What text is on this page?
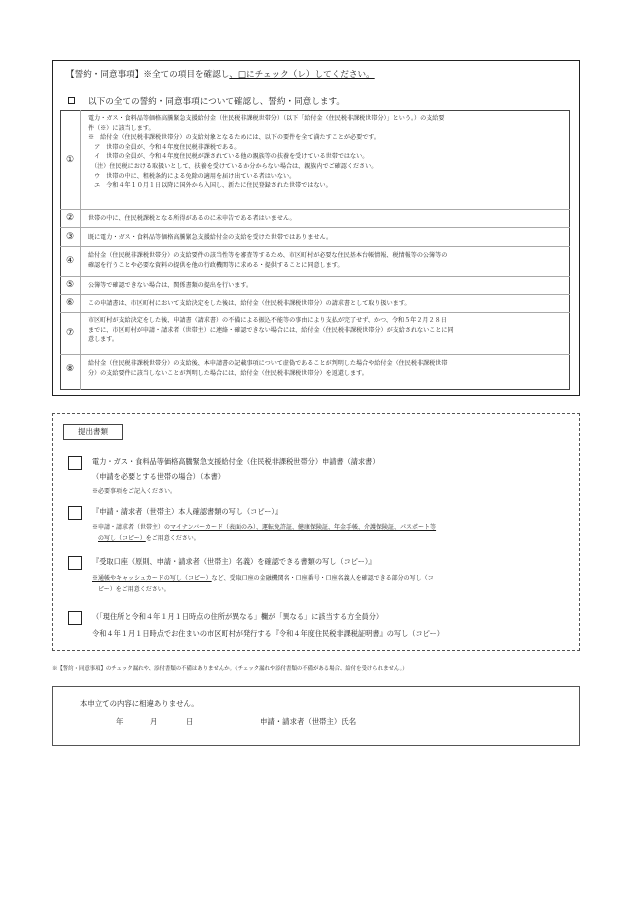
【誓約・同意事項】※全ての項目を確認し、□にチェック（レ）してください。
以下の全ての誓約・同意事項について確認し、誓約・同意します。
①
電力・ガス・食料品等価格高騰緊急支援給付金（住民税非課税世帯分）（以下「給付金（住民税非課税世帯分）」という。）の支給要
件（※）に該当します。
※　給付金（住民税非課税世帯分）の支給対象となるためには、以下の要件を全て満たすことが必要です。
　ア　世帯の全員が、令和４年度住民税非課税である。
　イ　世帯の全員が、令和４年度住民税が課されている他の親族等の扶養を受けている世帯ではない。
　（注）住民税における取扱いとして、扶養を受けているか分からない場合は、親族内でご確認ください。
　ウ　世帯の中に、租税条約による免除の適用を届け出ている者はいない。
　エ　令和４年１０月１日以降に国外から入国し、新たに住民登録された世帯ではない。
②	世帯の中に、住民税課税となる所得があるのに未申告である者はいません。
③	既に電力・ガス・食料品等価格高騰緊急支援給付金の支給を受けた世帯ではありません。
④
給付金（住民税非課税世帯分）の支給要件の該当性等を審査等するため、市区町村が必要な住民基本台帳情報、税情報等の公簿等の
確認を行うことや必要な資料の提供を他の行政機関等に求める・提供することに同意します。
⑤	公簿等で確認できない場合は、関係書類の提出を行います。
⑥	この申請書は、市区町村において支給決定をした後は、給付金（住民税非課税世帯分）の請求書として取り扱います。
⑦
市区町村が支給決定をした後、申請書（請求書）の不備による振込不能等の事由により支払が完了せず、かつ、令和５年２月２８日
までに、市区町村が申請・請求者（世帯主）に連絡・確認できない場合には、給付金（住民税非課税世帯分）が支給されないことに同
意します。
⑧
給付金（住民税非課税世帯分）の支給後、本申請書の記載事項について虚偽であることが判明した場合や給付金（住民税非課税世帯
分）の支給要件に該当しないことが判明した場合には、給付金（住民税非課税世帯分）を返還します。
提出書類
電力・ガス・食料品等価格高騰緊急支援給付金（住民税非課税世帯分）申請書（請求書）
（申請を必要とする世帯の場合）（本書）
※必要事項をご記入ください。
『申請・請求者（世帯主）本人確認書類の写し（コピー）』
※申請・請求者（世帯主）のマイナンバーカード（表面のみ）、運転免許証、健康保険証、年金手帳、介護保険証、パスポート等
の写し（コピー）をご用意ください。
『受取口座（原則、申請・請求者（世帯主）名義）を確認できる書類の写し（コピー）』
※通帳やキャッシュカードの写し（コピー）など、受取口座の金融機関名・口座番号・口座名義人を確認できる部分の写し（コ
ピー）をご用意ください。
（「現住所と令和４年１月１日時点の住所が異なる」欄が「異なる」に該当する方全員分）
令和４年１月１日時点でお住まいの市区町村が発行する『令和４年度住民税非課税証明書』の写し（コピー）
※【誓約・同意事項】のチェック漏れや、添付書類の不備はありませんか。（チェック漏れや添付書類の不備がある場合、給付を受けられません。）
本申立ての内容に相違ありません。
年	月	日	申請・請求者（世帯主）氏名
